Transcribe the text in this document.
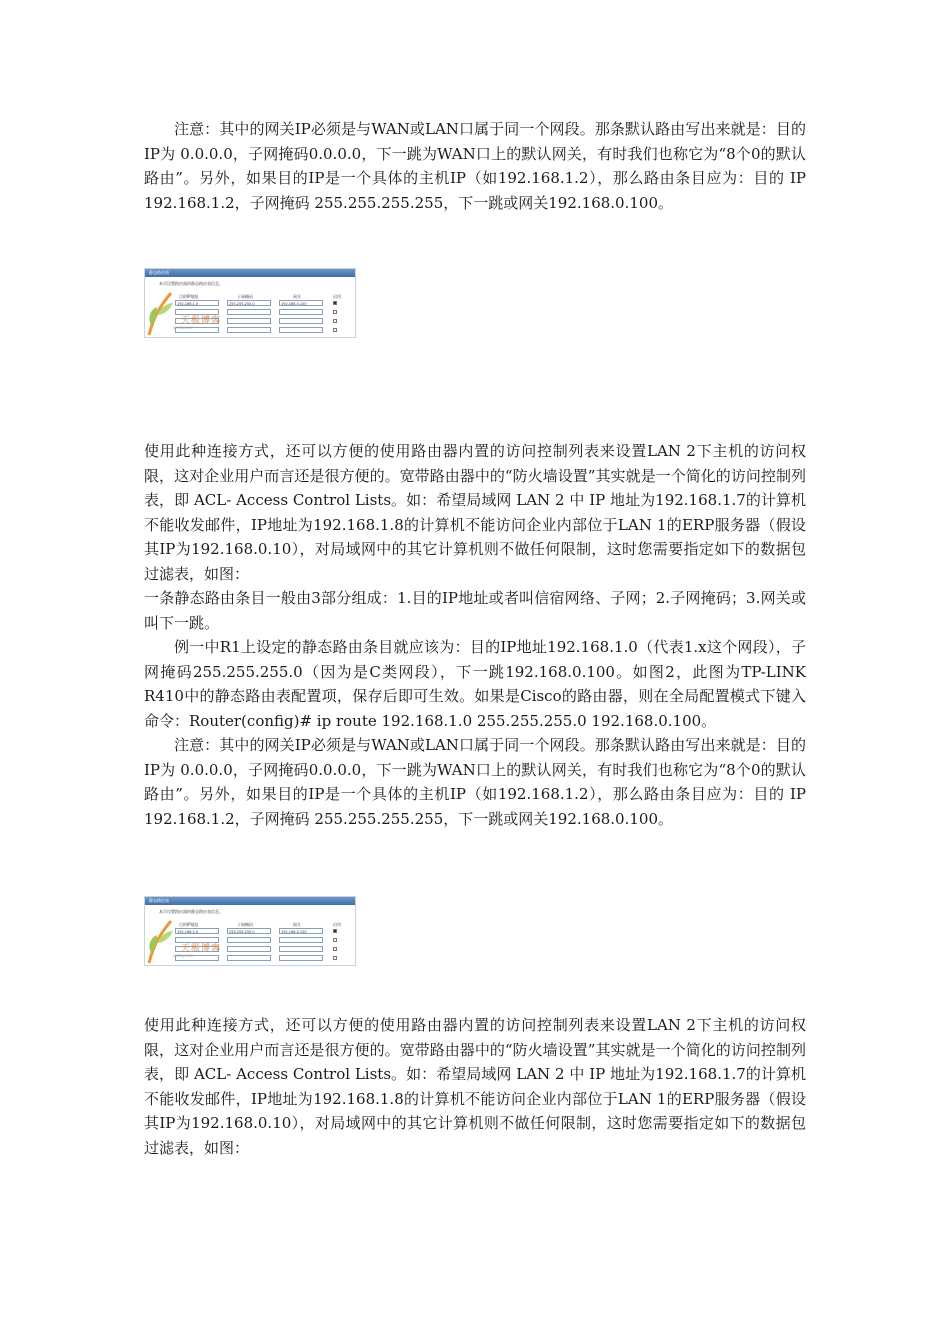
注意：其中的网关IP必须是与WAN或LAN口属于同一个网段。那条默认路由写出来就是：目的IP为 0.0.0.0，子网掩码0.0.0.0，下一跳为WAN口上的默认网关，有时我们也称它为“8个0的默认路由”。另外，如果目的IP是一个具体的主机IP（如192.168.1.2），那么路由条目应为：目的 IP 192.168.1.2，子网掩码 255.255.255.255，下一跳或网关192.168.0.100。

静态路由表
本页设置路由器的静态路由表信息。
目的IP地址	子网掩码	网关	启用
192.168.1.0	255.255.255.0	192.168.0.100
天极博客
yesky.com

使用此种连接方式，还可以方便的使用路由器内置的访问控制列表来设置LAN 2下主机的访问权限，这对企业用户而言还是很方便的。宽带路由器中的“防火墙设置”其实就是一个简化的访问控制列表，即 ACL- Access Control Lists。如：希望局域网 LAN 2 中 IP 地址为192.168.1.7的计算机不能收发邮件，IP地址为192.168.1.8的计算机不能访问企业内部位于LAN 1的ERP服务器（假设其IP为192.168.0.10），对局域网中的其它计算机则不做任何限制，这时您需要指定如下的数据包过滤表，如图：

一条静态路由条目一般由3部分组成：1.目的IP地址或者叫信宿网络、子网；2.子网掩码；3.网关或叫下一跳。

例一中R1上设定的静态路由条目就应该为：目的IP地址192.168.1.0（代表1.x这个网段），子网掩码255.255.255.0（因为是C类网段），下一跳192.168.0.100。如图2，此图为TP-LINK R410中的静态路由表配置项，保存后即可生效。如果是Cisco的路由器，则在全局配置模式下键入命令：Router(config)# ip route 192.168.1.0 255.255.255.0 192.168.0.100。

注意：其中的网关IP必须是与WAN或LAN口属于同一个网段。那条默认路由写出来就是：目的IP为 0.0.0.0，子网掩码0.0.0.0，下一跳为WAN口上的默认网关，有时我们也称它为“8个0的默认路由”。另外，如果目的IP是一个具体的主机IP（如192.168.1.2），那么路由条目应为：目的 IP 192.168.1.2，子网掩码 255.255.255.255，下一跳或网关192.168.0.100。

静态路由表
本页设置路由器的静态路由表信息。
目的IP地址	子网掩码	网关	启用
192.168.1.0	255.255.255.0	192.168.0.100
天极博客
yesky.com

使用此种连接方式，还可以方便的使用路由器内置的访问控制列表来设置LAN 2下主机的访问权限，这对企业用户而言还是很方便的。宽带路由器中的“防火墙设置”其实就是一个简化的访问控制列表，即 ACL- Access Control Lists。如：希望局域网 LAN 2 中 IP 地址为192.168.1.7的计算机不能收发邮件，IP地址为192.168.1.8的计算机不能访问企业内部位于LAN 1的ERP服务器（假设其IP为192.168.0.10），对局域网中的其它计算机则不做任何限制，这时您需要指定如下的数据包过滤表，如图：
